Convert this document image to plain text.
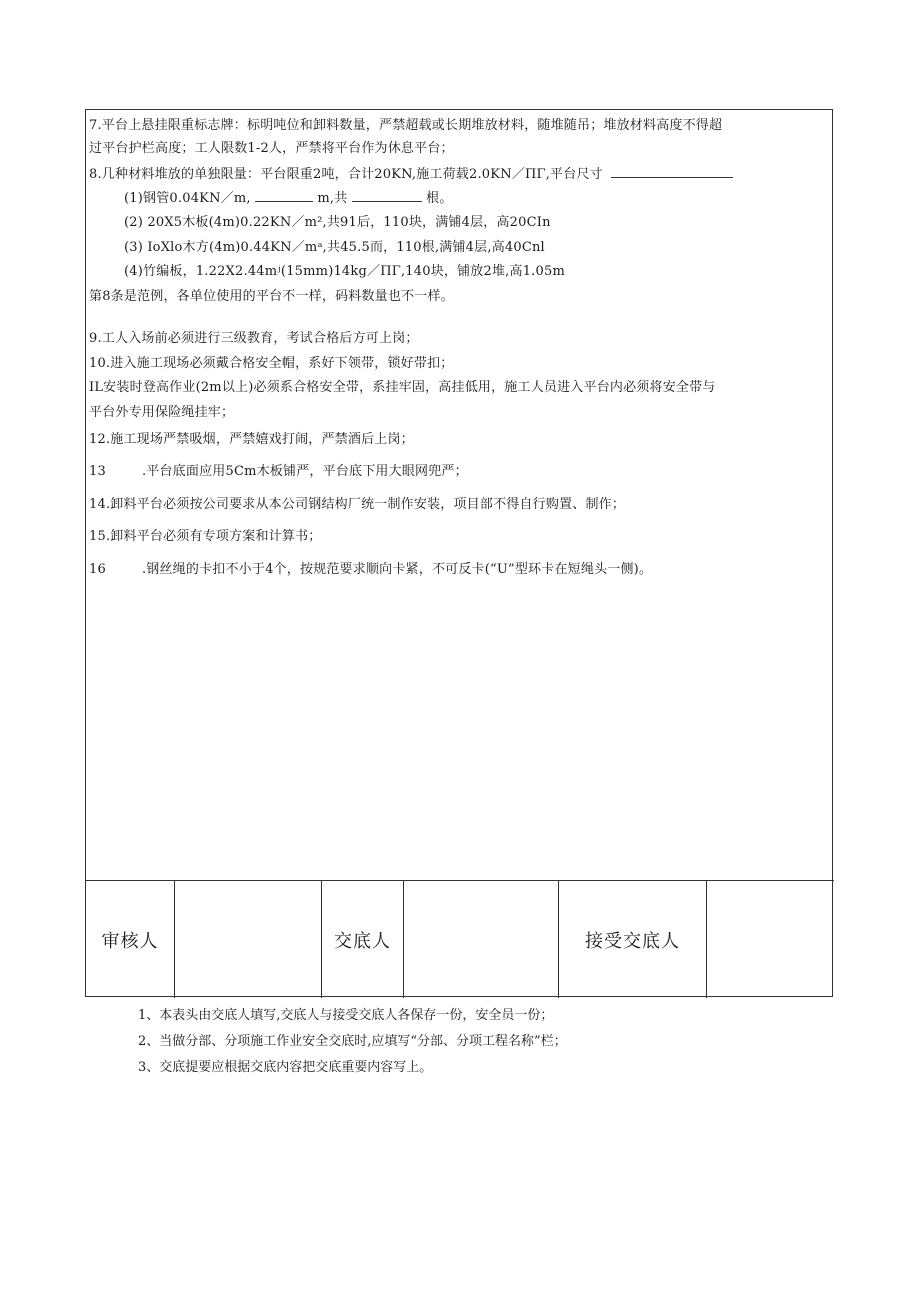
7.平台上悬挂限重标志牌：标明吨位和卸料数量，严禁超载或长期堆放材料，随堆随吊；堆放材料高度不得超
过平台护栏高度；工人限数1-2人，严禁将平台作为休息平台；
8.几种材料堆放的单独限量：平台限重2吨，合计20KN,施工荷载2.0KN／ΠΓ,平台尺寸
(1)钢管0.04KN／m,	m,共	根。
(2) 20X5木板(4m)0.22KN／m²,共91后，110块，满铺4层，高20CIn
(3) IoXlo木方(4m)0.44KN／mᵃ,共45.5而，110根,满铺4层,高40Cnl
(4)竹编板，1.22X2.44mʲ(15mm)14kg／ΠΓ,140块，铺放2堆,高1.05m
第8条是范例，各单位使用的平台不一样，码料数量也不一样。
9.工人入场前必须进行三级教育，考试合格后方可上岗；
10.进入施工现场必须戴合格安全帽，系好下领带，锁好带扣；
IL安装时登高作业(2m以上)必须系合格安全带，系挂牢固，高挂低用，施工人员进入平台内必须将安全带与
平台外专用保险绳挂牢；
12.施工现场严禁吸烟，严禁嬉戏打闹，严禁酒后上岗；
13	.平台底面应用5Cm木板铺严，平台底下用大眼网兜严；
14.卸料平台必须按公司要求从本公司钢结构厂统一制作安装，项目部不得自行购置、制作；
15.卸料平台必须有专项方案和计算书；
16	.钢丝绳的卡扣不小于4个，按规范要求顺向卡紧，不可反卡(“U”型环卡在短绳头一侧)。
审核人	交底人	接受交底人
1、本表头由交底人填写,交底人与接受交底人各保存一份，安全员一份；
2、当做分部、分项施工作业安全交底时,应填写“分部、分项工程名称”栏；
3、交底提要应根据交底内容把交底重要内容写上。
